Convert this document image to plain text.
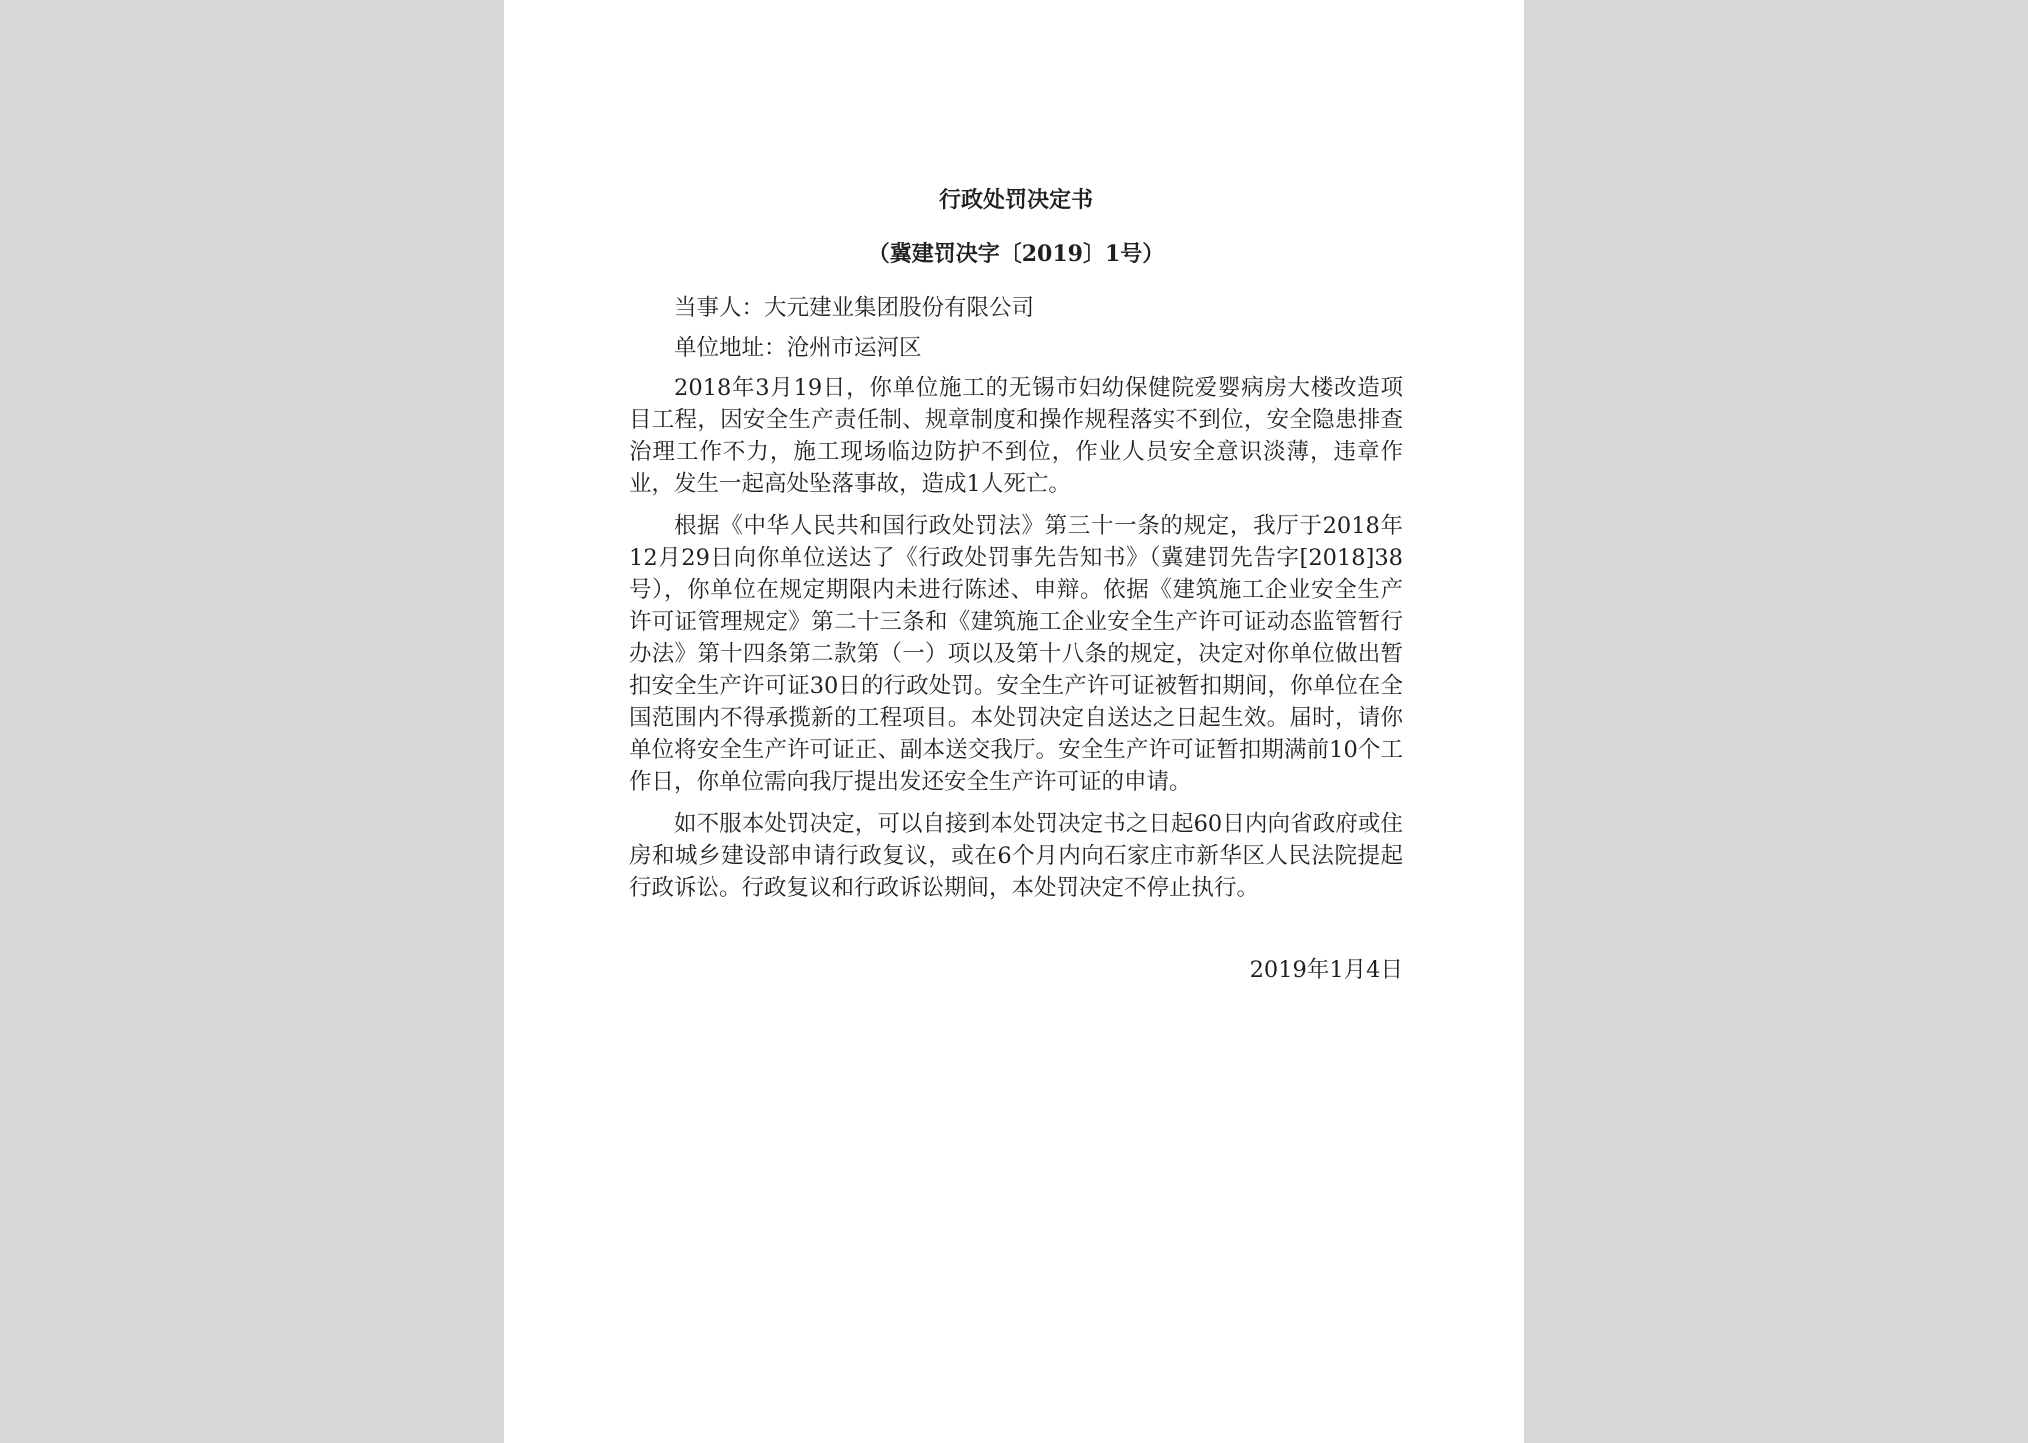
行政处罚决定书
（冀建罚决字〔2019〕1号）

当事人：大元建业集团股份有限公司

单位地址：沧州市运河区

2018年3月19日，你单位施工的无锡市妇幼保健院爱婴病房大楼改造项目工程，因安全生产责任制、规章制度和操作规程落实不到位，安全隐患排查治理工作不力，施工现场临边防护不到位，作业人员安全意识淡薄，违章作业，发生一起高处坠落事故，造成1人死亡。

根据《中华人民共和国行政处罚法》第三十一条的规定，我厅于2018年12月29日向你单位送达了《行政处罚事先告知书》（冀建罚先告字[2018]38号），你单位在规定期限内未进行陈述、申辩。依据《建筑施工企业安全生产许可证管理规定》第二十三条和《建筑施工企业安全生产许可证动态监管暂行办法》第十四条第二款第（一）项以及第十八条的规定，决定对你单位做出暂扣安全生产许可证30日的行政处罚。安全生产许可证被暂扣期间，你单位在全国范围内不得承揽新的工程项目。本处罚决定自送达之日起生效。届时，请你单位将安全生产许可证正、副本送交我厅。安全生产许可证暂扣期满前10个工作日，你单位需向我厅提出发还安全生产许可证的申请。

如不服本处罚决定，可以自接到本处罚决定书之日起60日内向省政府或住房和城乡建设部申请行政复议，或在6个月内向石家庄市新华区人民法院提起行政诉讼。行政复议和行政诉讼期间，本处罚决定不停止执行。

2019年1月4日
